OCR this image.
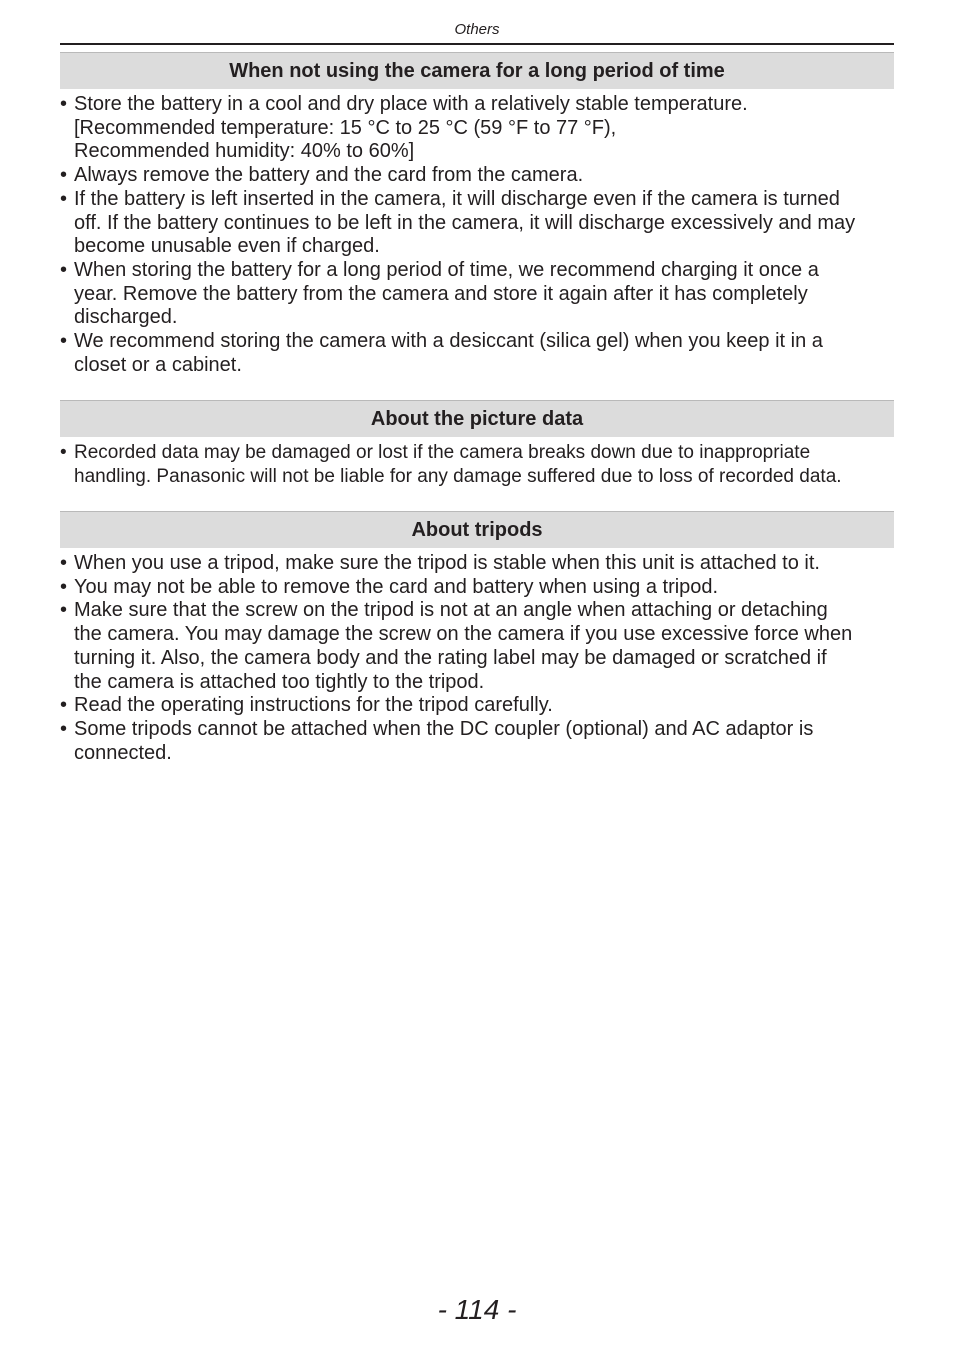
Others
When not using the camera for a long period of time
• Store the battery in a cool and dry place with a relatively stable temperature.
[Recommended temperature: 15 °C to 25 °C (59 °F to 77 °F),
Recommended humidity: 40% to 60%]
• Always remove the battery and the card from the camera.
• If the battery is left inserted in the camera, it will discharge even if the camera is turned
off. If the battery continues to be left in the camera, it will discharge excessively and may
become unusable even if charged.
• When storing the battery for a long period of time, we recommend charging it once a
year. Remove the battery from the camera and store it again after it has completely
discharged.
• We recommend storing the camera with a desiccant (silica gel) when you keep it in a
closet or a cabinet.
About the picture data
• Recorded data may be damaged or lost if the camera breaks down due to inappropriate
handling. Panasonic will not be liable for any damage suffered due to loss of recorded data.
About tripods
• When you use a tripod, make sure the tripod is stable when this unit is attached to it.
• You may not be able to remove the card and battery when using a tripod.
• Make sure that the screw on the tripod is not at an angle when attaching or detaching
the camera. You may damage the screw on the camera if you use excessive force when
turning it. Also, the camera body and the rating label may be damaged or scratched if
the camera is attached too tightly to the tripod.
• Read the operating instructions for the tripod carefully.
• Some tripods cannot be attached when the DC coupler (optional) and AC adaptor is
connected.
- 114 -
